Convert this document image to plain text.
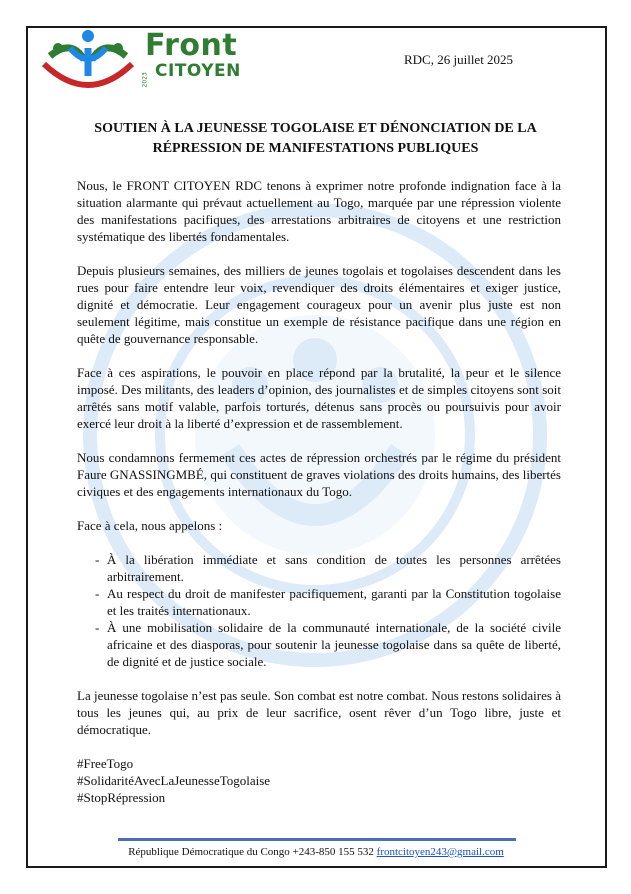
Front
CITOYEN
2023
RDC, 26 juillet 2025
SOUTIEN À LA JEUNESSE TOGOLAISE ET DÉNONCIATION DE LA
RÉPRESSION DE MANIFESTATIONS PUBLIQUES

Nous, le FRONT CITOYEN RDC tenons à exprimer notre profonde indignation face à la situation alarmante qui prévaut actuellement au Togo, marquée par une répression violente des manifestations pacifiques, des arrestations arbitraires de citoyens et une restriction systématique des libertés fondamentales.

Depuis plusieurs semaines, des milliers de jeunes togolais et togolaises descendent dans les rues pour faire entendre leur voix, revendiquer des droits élémentaires et exiger justice, dignité et démocratie. Leur engagement courageux pour un avenir plus juste est non seulement légitime, mais constitue un exemple de résistance pacifique dans une région en quête de gouvernance responsable.

Face à ces aspirations, le pouvoir en place répond par la brutalité, la peur et le silence imposé. Des militants, des leaders d’opinion, des journalistes et de simples citoyens sont soit arrêtés sans motif valable, parfois torturés, détenus sans procès ou poursuivis pour avoir exercé leur droit à la liberté d’expression et de rassemblement.

Nous condamnons fermement ces actes de répression orchestrés par le régime du président Faure GNASSINGMBÉ, qui constituent de graves violations des droits humains, des libertés civiques et des engagements internationaux du Togo.

Face à cela, nous appelons :

- À la libération immédiate et sans condition de toutes les personnes arrêtées arbitrairement.
- Au respect du droit de manifester pacifiquement, garanti par la Constitution togolaise et les traités internationaux.
- À une mobilisation solidaire de la communauté internationale, de la société civile africaine et des diasporas, pour soutenir la jeunesse togolaise dans sa quête de liberté, de dignité et de justice sociale.

La jeunesse togolaise n’est pas seule. Son combat est notre combat. Nous restons solidaires à tous les jeunes qui, au prix de leur sacrifice, osent rêver d’un Togo libre, juste et démocratique.

#FreeTogo
#SolidaritéAvecLaJeunesseTogolaise
#StopRépression
République Démocratique du Congo +243-850 155 532 frontcitoyen243@gmail.com
